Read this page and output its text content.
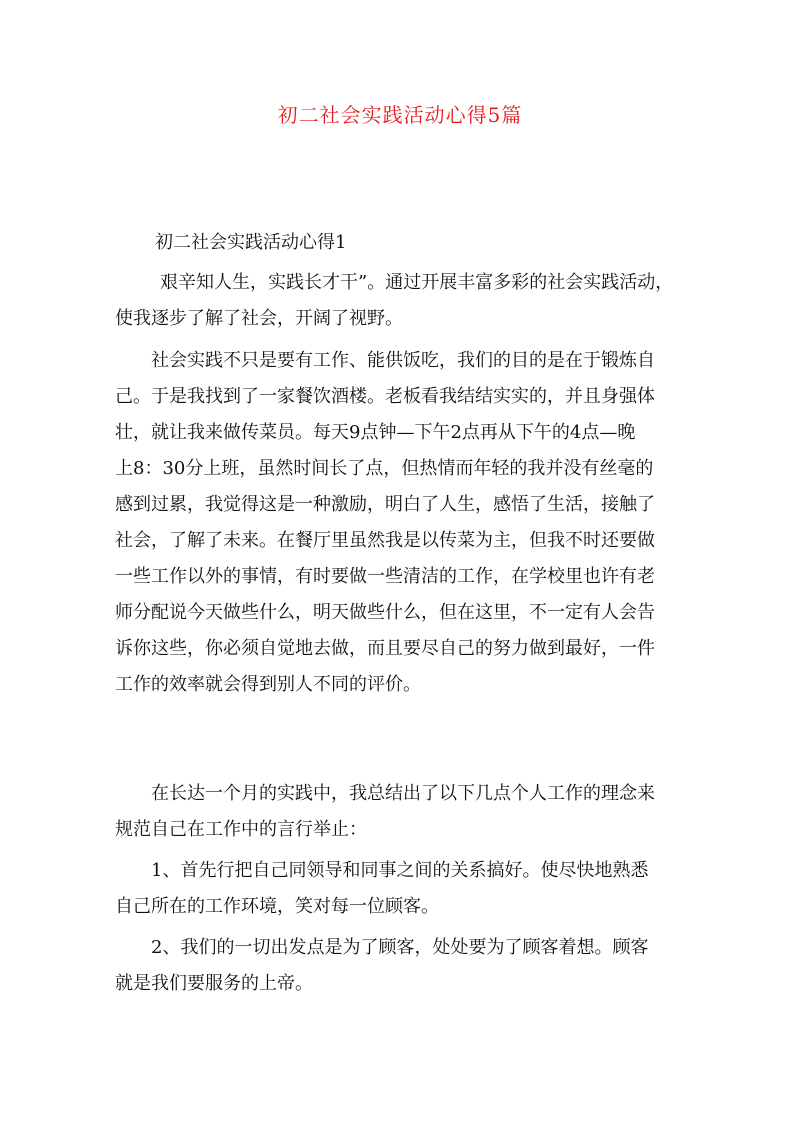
初二社会实践活动心得5篇
初二社会实践活动心得1
艰辛知人生，实践长才干”。通过开展丰富多彩的社会实践活动，
使我逐步了解了社会，开阔了视野。
社会实践不只是要有工作、能供饭吃，我们的目的是在于锻炼自
己。于是我找到了一家餐饮酒楼。老板看我结结实实的，并且身强体
壮，就让我来做传菜员。每天9点钟—下午2点再从下午的4点—晚
上8：30分上班，虽然时间长了点，但热情而年轻的我并没有丝毫的
感到过累，我觉得这是一种激励，明白了人生，感悟了生活，接触了
社会，了解了未来。在餐厅里虽然我是以传菜为主，但我不时还要做
一些工作以外的事情，有时要做一些清洁的工作，在学校里也许有老
师分配说今天做些什么，明天做些什么，但在这里，不一定有人会告
诉你这些，你必须自觉地去做，而且要尽自己的努力做到最好，一件
工作的效率就会得到别人不同的评价。
在长达一个月的实践中，我总结出了以下几点个人工作的理念来
规范自己在工作中的言行举止：
1、首先行把自己同领导和同事之间的关系搞好。使尽快地熟悉
自己所在的工作环境，笑对每一位顾客。
2、我们的一切出发点是为了顾客，处处要为了顾客着想。顾客
就是我们要服务的上帝。
